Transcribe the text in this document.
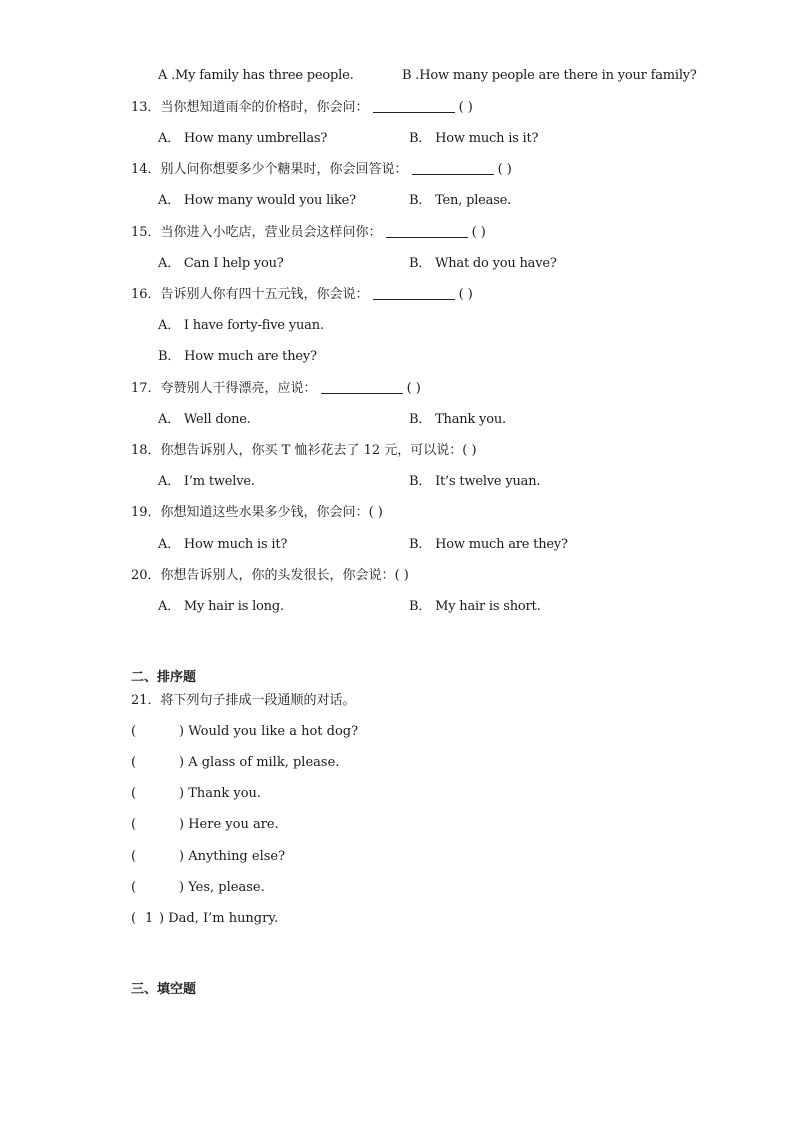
A .My family has three people.	B .How many people are there in your family?
13．当你想知道雨伞的价格时，你会问：	( )
A． How many umbrellas?	B． How much is it?
14．别人问你想要多少个糖果时，你会回答说：	( )
A． How many would you like?	B． Ten, please.
15．当你进入小吃店，营业员会这样问你：	( )
A． Can I help you?	B． What do you have?
16．告诉别人你有四十五元钱，你会说：	( )
A． I have forty-five yuan.
B． How much are they?
17．夸赞别人干得漂亮，应说：	( )
A． Well done.	B． Thank you.
18．你想告诉别人，你买 T 恤衫花去了 12 元，可以说：( )
A． I’m twelve.	B． It’s twelve yuan.
19．你想知道这些水果多少钱，你会问：( )
A． How much is it?	B． How much are they?
20．你想告诉别人，你的头发很长，你会说：( )
A． My hair is long.	B． My hair is short.
二、排序题
21．将下列句子排成一段通顺的对话。
(	) Would you like a hot dog?
(	) A glass of milk, please.
(	) Thank you.
(	) Here you are.
(	) Anything else?
(	) Yes, please.
( 1 ) Dad, I’m hungry.
三、填空题
